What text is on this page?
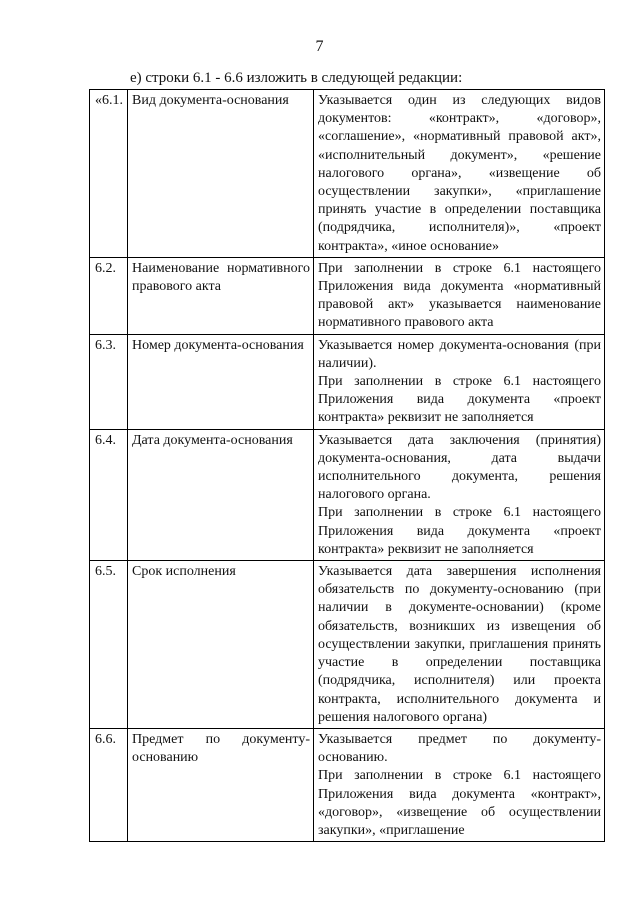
7
е) строки 6.1 - 6.6 изложить в следующей редакции:
«6.1.	Вид документа-основания	Указывается один из следующих видов документов: «контракт», «договор», «соглашение», «нормативный правовой акт», «исполнительный документ», «решение налогового органа», «извещение об осуществлении закупки», «приглашение принять участие в определении поставщика (подрядчика, исполнителя)», «проект контракта», «иное основание»

6.2.	Наименование нормативного правового акта	При заполнении в строке 6.1 настоящего Приложения вида документа «нормативный правовой акт» указывается наименование нормативного правового акта

6.3.	Номер документа-основания	Указывается номер документа-основания (при наличии).
При заполнении в строке 6.1 настоящего Приложения вида документа «проект контракта» реквизит не заполняется

6.4.	Дата документа-основания	Указывается дата заключения (принятия) документа-основания, дата выдачи исполнительного документа, решения налогового органа.
При заполнении в строке 6.1 настоящего Приложения вида документа «проект контракта» реквизит не заполняется

6.5.	Срок исполнения	Указывается дата завершения исполнения обязательств по документу-основанию (при наличии в документе-основании) (кроме обязательств, возникших из извещения об осуществлении закупки, приглашения принять участие в определении поставщика (подрядчика, исполнителя) или проекта контракта, исполнительного документа и решения налогового органа)

6.6.	Предмет по документу-основанию	Указывается предмет по документу-основанию.
При заполнении в строке 6.1 настоящего Приложения вида документа «контракт», «договор», «извещение об осуществлении закупки», «приглашение
